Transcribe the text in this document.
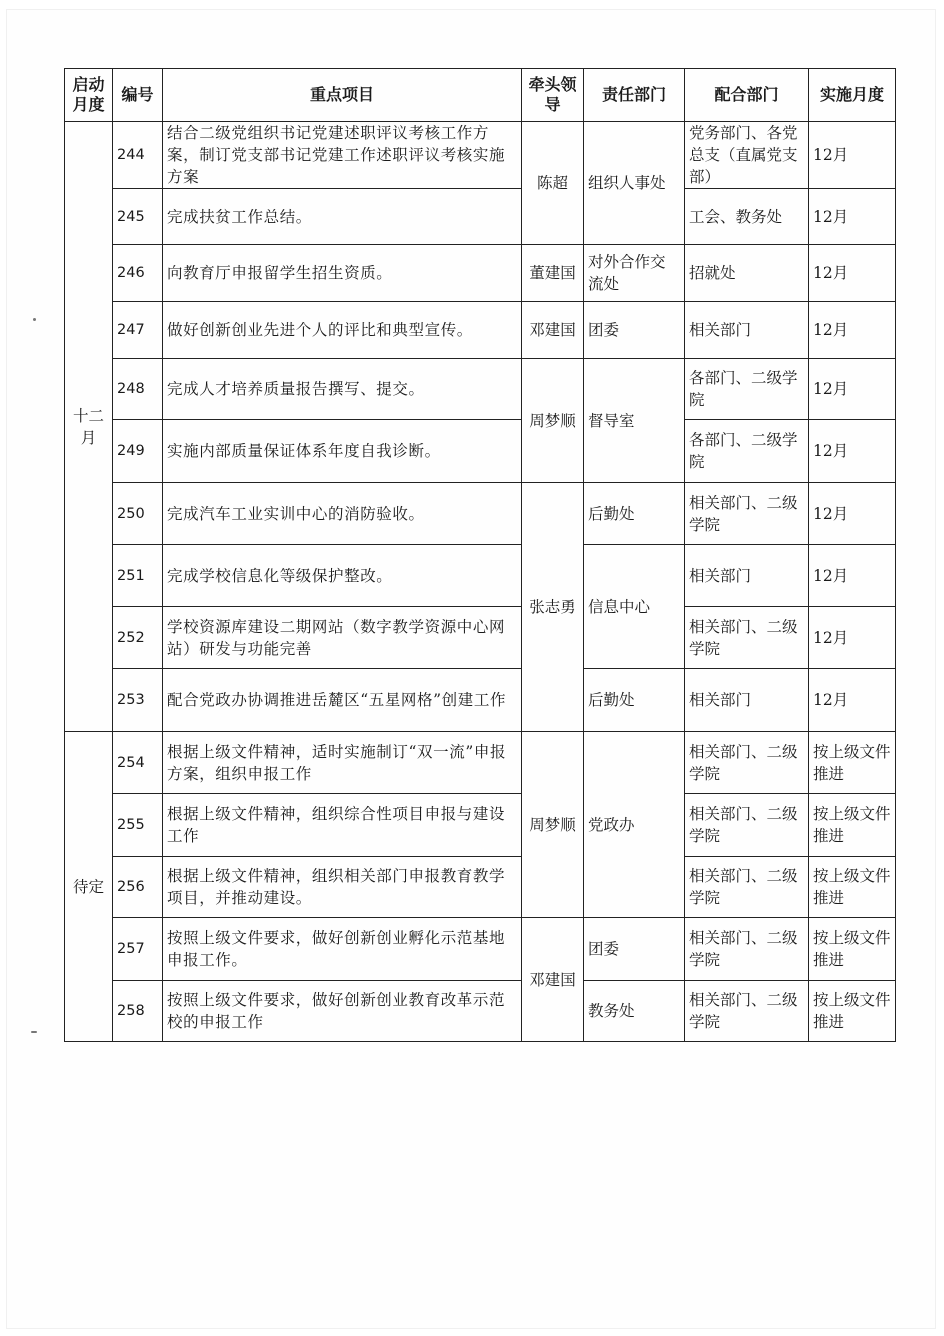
启动月度	编号	重点项目	牵头领导	责任部门	配合部门	实施月度
十二月	244	结合二级党组织书记党建述职评议考核工作方案，制订党支部书记党建工作述职评议考核实施方案	陈超	组织人事处	党务部门、各党总支（直属党支部）	12月
	245	完成扶贫工作总结。			工会、教务处	12月
	246	向教育厅申报留学生招生资质。	董建国	对外合作交流处	招就处	12月
	247	做好创新创业先进个人的评比和典型宣传。	邓建国	团委	相关部门	12月
	248	完成人才培养质量报告撰写、提交。	周梦顺	督导室	各部门、二级学院	12月
	249	实施内部质量保证体系年度自我诊断。			各部门、二级学院	12月
	250	完成汽车工业实训中心的消防验收。	张志勇	后勤处	相关部门、二级学院	12月
	251	完成学校信息化等级保护整改。		信息中心	相关部门	12月
	252	学校资源库建设二期网站（数字教学资源中心网站）研发与功能完善			相关部门、二级学院	12月
	253	配合党政办协调推进岳麓区“五星网格”创建工作		后勤处	相关部门	12月
待定	254	根据上级文件精神，适时实施制订“双一流”申报方案，组织申报工作	周梦顺	党政办	相关部门、二级学院	按上级文件推进
	255	根据上级文件精神，组织综合性项目申报与建设工作			相关部门、二级学院	按上级文件推进
	256	根据上级文件精神，组织相关部门申报教育教学项目，并推动建设。			相关部门、二级学院	按上级文件推进
	257	按照上级文件要求，做好创新创业孵化示范基地申报工作。	邓建国	团委	相关部门、二级学院	按上级文件推进
	258	按照上级文件要求，做好创新创业教育改革示范校的申报工作		教务处	相关部门、二级学院	按上级文件推进
